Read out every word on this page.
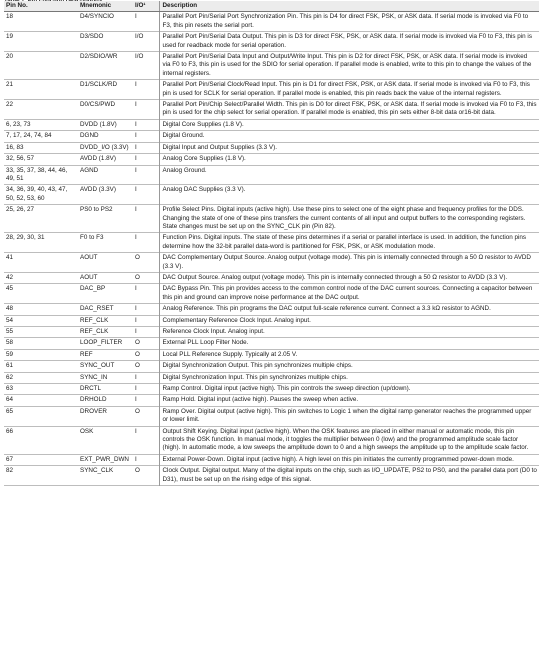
Pin No.	Mnemonic	I/O¹	Description
18	D4/SYNCIO	I	Parallel Port Pin/Serial Port Synchronization Pin. This pin is D4 for direct FSK, PSK, or ASK data. If serial mode is invoked via F0 to F3, this pin resets the serial port.
19	D3/SDO	I/O	Parallel Port Pin/Serial Data Output. This pin is D3 for direct FSK, PSK, or ASK data. If serial mode is invoked via F0 to F3, this pin is used for readback mode for serial operation.
20	D2/SDIO/WR	I/O	Parallel Port Pin/Serial Data Input and Output/Write Input. This pin is D2 for direct FSK, PSK, or ASK data. If serial mode is invoked via F0 to F3, this pin is used for the SDIO for serial operation. If parallel mode is enabled, write to this pin to change the values of the internal registers.
21	D1/SCLK/RD	I	Parallel Port Pin/Serial Clock/Read Input. This pin is D1 for direct FSK, PSK, or ASK data. If serial mode is invoked via F0 to F3, this pin is used for SCLK for serial operation. If parallel mode is enabled, this pin reads back the value of the internal registers.
22	D0/CS/PWD	I	Parallel Port Pin/Chip Select/Parallel Width. This pin is D0 for direct FSK, PSK, or ASK data. If serial mode is invoked via F0 to F3, this pin is used for the chip select for serial operation. If parallel mode is enabled, this pin sets either 8-bit data or16-bit data.
6, 23, 73	DVDD (1.8V)	I	Digital Core Supplies (1.8 V).
7, 17, 24, 74, 84	DGND	I	Digital Ground.
16, 83	DVDD_I/O (3.3V)	I	Digital Input and Output Supplies (3.3 V).
32, 56, 57	AVDD (1.8V)	I	Analog Core Supplies (1.8 V).
33, 35, 37, 38, 44, 46, 49, 51	AGND	I	Analog Ground.
34, 36, 39, 40, 43, 47, 50, 52, 53, 60	AVDD (3.3V)	I	Analog DAC Supplies (3.3 V).
25, 26, 27	PS0 to PS2	I	Profile Select Pins. Digital inputs (active high). Use these pins to select one of the eight phase and frequency profiles for the DDS. Changing the state of one of these pins transfers the current contents of all input and output buffers to the corresponding registers. State changes must be set up on the SYNC_CLK pin (Pin 82).
28, 29, 30, 31	F0 to F3	I	Function Pins. Digital inputs. The state of these pins determines if a serial or parallel interface is used. In addition, the function pins determine how the 32-bit parallel data-word is partitioned for FSK, PSK, or ASK modulation mode.
41	AOUT	O	DAC Complementary Output Source. Analog output (voltage mode). This pin is internally connected through a 50 Ω resistor to AVDD (3.3 V).
42	AOUT	O	DAC Output Source. Analog output (voltage mode). This pin is internally connected through a 50 Ω resistor to AVDD (3.3 V).
45	DAC_BP	I	DAC Bypass Pin. This pin provides access to the common control node of the DAC current sources. Connecting a capacitor between this pin and ground can improve noise performance at the DAC output.
48	DAC_RSET	I	Analog Reference. This pin programs the DAC output full-scale reference current. Connect a 3.3 kΩ resistor to AGND.
54	REF_CLK	I	Complementary Reference Clock Input. Analog input.
55	REF_CLK	I	Reference Clock Input. Analog input.
58	LOOP_FILTER	O	External PLL Loop Filter Node.
59	REF	O	Local PLL Reference Supply. Typically at 2.05 V.
61	SYNC_OUT	O	Digital Synchronization Output. This pin synchronizes multiple chips.
62	SYNC_IN	I	Digital Synchronization Input. This pin synchronizes multiple chips.
63	DRCTL	I	Ramp Control. Digital input (active high). This pin controls the sweep direction (up/down).
64	DRHOLD	I	Ramp Hold. Digital input (active high). Pauses the sweep when active.
65	DROVER	O	Ramp Over. Digital output (active high). This pin switches to Logic 1 when the digital ramp generator reaches the programmed upper or lower limit.
66	OSK	I	Output Shift Keying. Digital input (active high). When the OSK features are placed in either manual or automatic mode, this pin controls the OSK function. In manual mode, it toggles the multiplier between 0 (low) and the programmed amplitude scale factor (high). In automatic mode, a low sweeps the amplitude down to 0 and a high sweeps the amplitude up to the amplitude scale factor.
67	EXT_PWR_DWN	I	External Power-Down. Digital input (active high). A high level on this pin initiates the currently programmed power-down mode.
82	SYNC_CLK	O	Clock Output. Digital output. Many of the digital inputs on the chip, such as I/O_UPDATE, PS2 to PS0, and the parallel data port (D0 to D31), must be set up on the rising edge of this signal.
